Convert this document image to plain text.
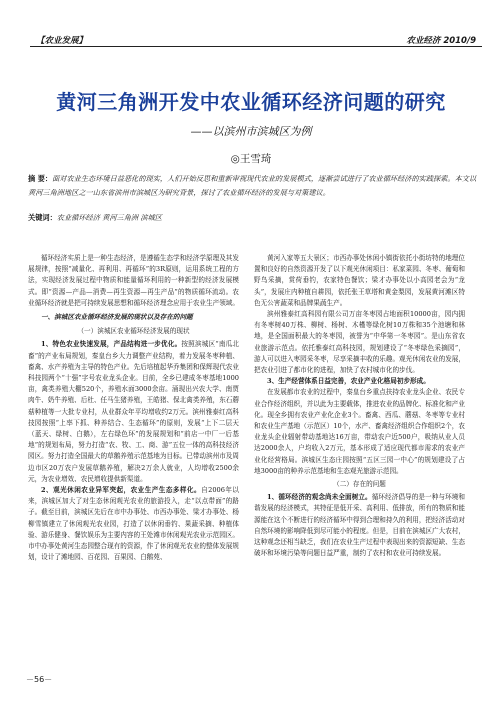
【农业发展】	农业经济 2010/9
黄河三角洲开发中农业循环经济问题的研究
——以滨州市滨城区为例
◎王雪琦
摘 要：面对农业生态环境日益恶化的现实，人们开始反思和重新审视现代农业的发展模式，逐渐尝试进行了农业循环经济的实践探索。本文以黄河三角洲地区之一山东省滨州市滨城区为研究背景，探讨了农业循环经济的发展与对策建议。
关键词：农业循环经济 黄河三角洲 滨城区

循环经济实质上是一种生态经济，是遵循生态学和经济学原理及其发展规律，按照“减量化、再利用、再循环”的3R原则，运用系统工程的方法，实现经济发展过程中物质和能量循环利用的一种新型的经济发展模式。即“资源—产品—消费—再生资源—再生产品”的物质循环流动。农业循环经济就是把可持续发展思想和循环经济理念应用于农业生产领域。

一、滨城区农业循环经济发展的现状以及存在的问题

（一）滨城区农业循环经济发展的现状

1、特色农业快速发展，产品结构进一步优化。按照滨城区“南瓜北畜”的产业布局规划，秦皇台乡大力调整产业结构，着力发展冬枣种植、畜禽、水产养殖为主导的特色产业。先后培植起华乔集团和保辉现代农业科技园两个“十强”字号农业龙头企业。目前，全乡已建成冬枣基地1000亩，禽类养殖大棚520个，养殖水面3000余亩。涌现出兴农大学、南贾肉牛、奶牛养殖、后杜、任马生猪养殖，王皓猪、保北禽类养殖，东石蘑菇种植等一大批专业村，从业群众年平均增收约2万元。滨州雅泰红高科技园按照“上率下抓、种养结合、生态循环”的原则，发展“上下二层天（蓝天、绿树、白鹅），左右绿色环”的发展规划和“前店一中厂一后基地”的规划布局，努力打造“农、牧、工、商、游”五位一体的高科技经济园区。努力打造全国最大的草鹅养殖示范基地为目标。已带动滨州市及周边市区20万农户发展草鹅养殖，解决2万余人就业，人均增收2500余元，为农业增效、农民增收提供新渠道。

2、观光休闲农业异军突起，农业生产生态多样化。自2006年以来，滨城区加大了对生态休闲观光农业的旅游投入，走“以点带面”的路子。截至目前，滨城区先后在市中办事处、市西办事处、梁才办事处、杨柳雪镇建立了休闲观光农业园，打造了以休闲垂钓、果蔬采摘、种植体验、游乐健身、餐饮娱乐为主要内容的王处滩市休闲观光农业示范园区。市中办事处黄河生态园整合现有的资源，作了休闲观光农业的整体发展规划，设计了滩地园、百花园、百果园、白鹅苑、

黄河入家等五大景区；市西办事处休闲小镇街依托小街坊特的地理位置和良好的自然资源开发了以下观光休闲项目：私家菜园、冬枣、葡萄和野鸟采摘，赏荷垂钓，农家特色餐饮；梁才办事处以小高园老会为“龙头”，发展庄内种植自耕园，依托张王草塔和黄金梨园，发展黄河滩区特色无公害蔬菜和品牌果蔬生产。

滨州雅泰红高科园有限公司万亩冬枣园占地面积10000亩，园内拥有冬枣树40万株、柳树、杨树、木槿等绿化树10万株和35个池塘和林地，是全国面积最大的冬枣园，被誉为“中华第一冬枣园”。是山东省农业旅游示范点。依托雅泰红高科技园，规划建设了“冬枣绿色采摘园”，游人可以进入枣园采冬枣，尽享采摘丰收的乐趣。观光休闲农业的发展，把农业引进了都市化的进程，加快了农村城市化的步伐。

3、生产经营体系日益完善，农业产业化格局初步形成。

在发展都市农业的过程中，秦皇台乡重点扶持农业龙头企业、农民专业合作经济组织，并以此为主要载体，推进农业的品牌化、标准化和产业化。现全乡拥有农业产业化企业3个。畜禽、西瓜、蘑菇、冬枣等专业村和农业生产基地（示范区）10个，水产、畜禽经济组织合作组织2个，农业龙头企业辐射带动基地达16万亩，带动农户近500户，吸纳从业人员达2000余人，户均收入2万元，基本形成了适应现代都市需求的农业产业化经营格局。滨城区生态庄园按照“五区三园一中心”的规划建设了占地3000亩的种养示范基地和生态观光旅游示范园。

（二）存在的问题

1、循环经济的观念尚未全面树立。循环经济倡导的是一种与环境和谐发展的经济模式，其特征是低开采、高利用、低排放，所有的物质和能源能在这个不断进行的经济循环中得到合理和持久的利用，把经济活动对自然环境的影响降低到尽可能小的程度。但是，目前在滨城区广大农村，这种观念还相当缺乏，我们在农业生产过程中表现出来的资源短缺、生态破坏和环境污染等问题日益严重，制约了农村和农业可持续发展。

－56－
